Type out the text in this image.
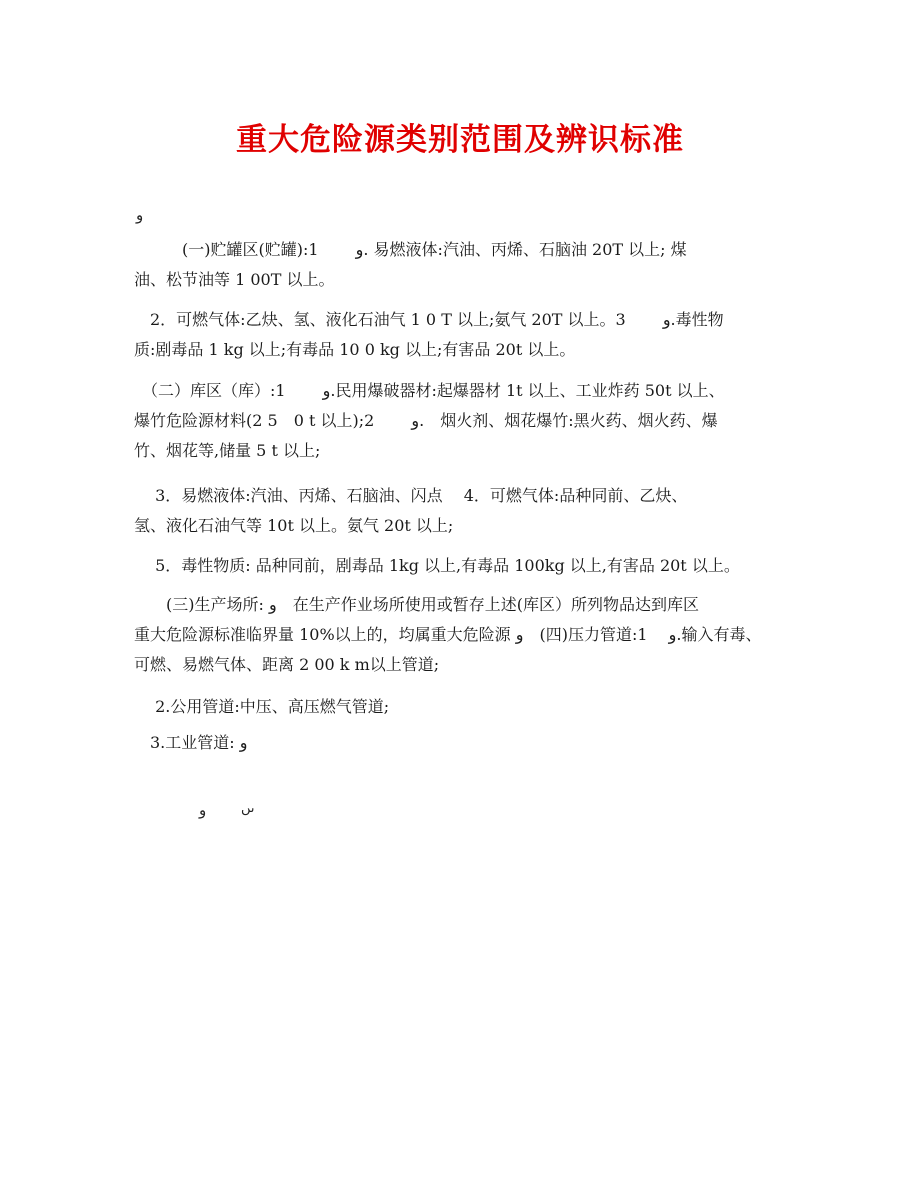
重大危险源类别范围及辨识标准
و

　　　(一)贮罐区(贮罐):1　　 و. 易燃液体:汽油、丙烯、石脑油 20T 以上; 煤
油、松节油等 1 00T 以上。

　2．可燃气体:乙炔、氢、液化石油气 1 0 T 以上;氨气 20T 以上。3　　 و.毒性物
质:剧毒品 1 kg 以上;有毒品 10 0 kg 以上;有害品 20t 以上。

　（二）库区（库）:1　　 و.民用爆破器材:起爆器材 1t 以上、工业炸药 50t 以上、
爆竹危险源材料(2 5　0 t 以上);2　　 و.　烟火剂、烟花爆竹:黑火药、烟火药、爆
竹、烟花等,储量 5 t 以上;

　 3．易燃液体:汽油、丙烯、石脑油、闪点　 4．可燃气体:品种同前、乙炔、
氢、液化石油气等 10t 以上。氨气 20t 以上;

　 5．毒性物质: 品种同前，剧毒品 1kg 以上,有毒品 100kg 以上,有害品 20t 以上。

　　(三)生产场所: و　在生产作业场所使用或暂存上述(库区）所列物品达到库区
重大危险源标准临界量 10%以上的，均属重大危险源 و　(四)压力管道:1　 و.输入有毒、
可燃、易燃气体、距离 2 00 k m以上管道;

　 2.公用管道:中压、高压燃气管道;

　3.工业管道: و

و	ںں
